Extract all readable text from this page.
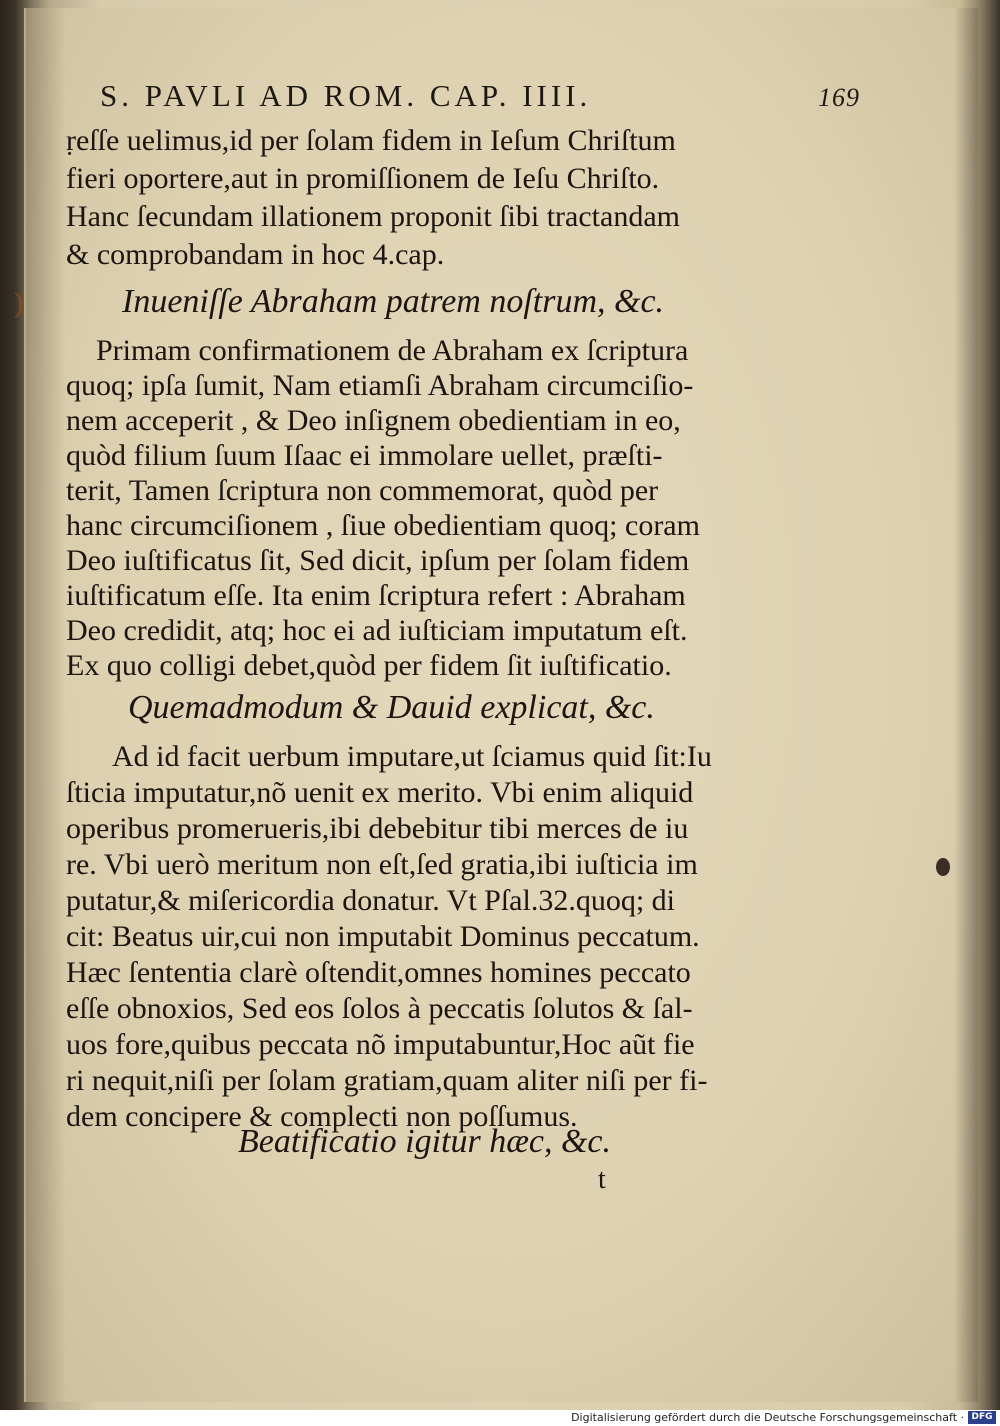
S. PAVLI AD ROM. CAP. IIII.	169
)
ṛeſſe uelimus,id per ſolam fidem in Ieſum Chriſtum
fieri oportere,aut in promiſſionem de Ieſu Chriſto.
Hanc ſecundam illationem proponit ſibi tractandam
& comprobandam in hoc 4.cap.
Inueniſſe Abraham patrem noſtrum, &c.
Primam confirmationem de Abraham ex ſcriptura
quoq; ipſa ſumit, Nam etiamſi Abraham circumciſio-
nem acceperit , & Deo inſignem obedientiam in eo,
quòd filium ſuum Iſaac ei immolare uellet, præſti-
terit, Tamen ſcriptura non commemorat, quòd per
hanc circumciſionem , ſiue obedientiam quoq; coram
Deo iuſtificatus ſit, Sed dicit, ipſum per ſolam fidem
iuſtificatum eſſe. Ita enim ſcriptura refert : Abraham
Deo credidit, atq; hoc ei ad iuſticiam imputatum eſt.
Ex quo colligi debet,quòd per fidem ſit iuſtificatio.
Quemadmodum & Dauid explicat, &c.
Ad id facit uerbum imputare,ut ſciamus quid ſit:Iu
ſticia imputatur,nõ uenit ex merito. Vbi enim aliquid
operibus promerueris,ibi debebitur tibi merces de iu
re. Vbi uerò meritum non eſt,ſed gratia,ibi iuſticia im
putatur,& miſericordia donatur. Vt Pſal.32.quoq; di
cit: Beatus uir,cui non imputabit Dominus peccatum.
Hæc ſententia clarè oſtendit,omnes homines peccato
eſſe obnoxios, Sed eos ſolos à peccatis ſolutos & ſal-
uos fore,quibus peccata nõ imputabuntur,Hoc aũt fie
ri nequit,niſi per ſolam gratiam,quam aliter niſi per fi-
dem concipere & complecti non poſſumus.
Beatificatio igitur hæc, &c.
t
Digitalisierung gefördert durch die Deutsche Forschungsgemeinschaft · DFG
